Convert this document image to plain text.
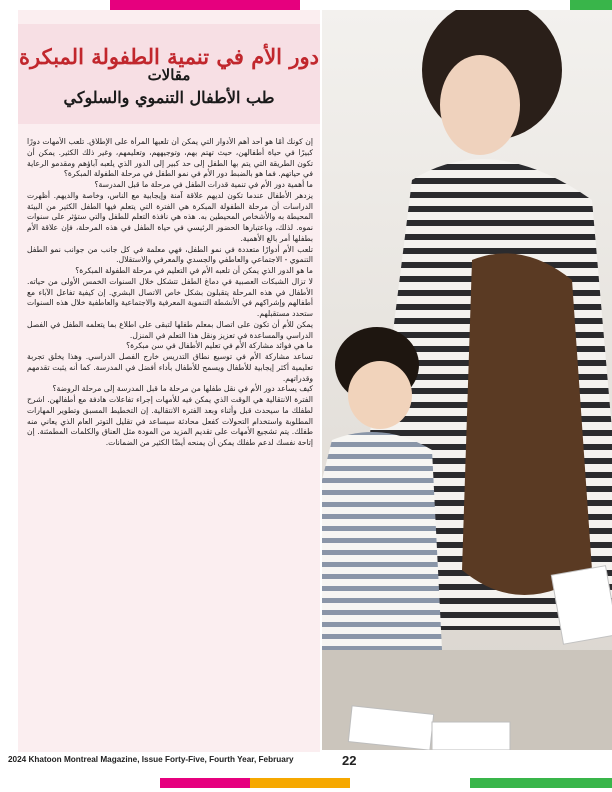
دور الأم في تنمية الطفولة المبكرة
مقالات
طب الأطفال التنموي والسلوكي

إن كونك أمًا هو أحد أهم الأدوار التي يمكن أن تلعبها المرأة على الإطلاق. تلعب الأمهات دورًا كبيرًا في حياة أطفالهن، حيث تهتم بهم، وتوجيههم، وتعليمهم، وغير ذلك الكثير. يمكن أن تكون الطريقة التي يتم بها الطفل إلى حد كبير إلى الدور الذي يلعبه آباؤهم ومقدمو الرعاية في حياتهم. فما هو بالضبط دور الأم في نمو الطفل في مرحلة الطفولة المبكرة؟

ما أهمية دور الأم في تنمية قدرات الطفل في مرحلة ما قبل المدرسة؟

يزدهر الأطفال عندما تكون لديهم علاقة آمنة وإيجابية مع الناس، وخاصة والديهم. أظهرت الدراسات أن مرحلة الطفولة المبكرة هي الفترة التي يتعلم فيها الطفل الكثير من البيئة المحيطة به والأشخاص المحيطين به. هذه هي نافذة التعلم للطفل والتي ستؤثر على سنوات نموه. لذلك، وباعتبارها الحضور الرئيسي في حياة الطفل في هذه المرحلة، فإن علاقة الأم بطفلها أمر بالغ الأهمية.

تلعب الأم أدوارًا متعددة في نمو الطفل، فهي معلمة في كل جانب من جوانب نمو الطفل التنموي - الاجتماعي والعاطفي والجسدي والمعرفي والاستقلال.

ما هو الدور الذي يمكن أن تلعبه الأم في التعليم في مرحلة الطفولة المبكرة؟

لا تزال الشبكات العصبية في دماغ الطفل تتشكل خلال السنوات الخمس الأولى من حياته. الأطفال في هذه المرحلة يتقبلون بشكل خاص الاتصال البشري. إن كيفية تفاعل الآباء مع أطفالهم وإشراكهم في الأنشطة التنموية المعرفية والاجتماعية والعاطفية خلال هذه السنوات ستحدد مستقبلهم.

يمكن للأم أن تكون على اتصال بمعلم طفلها لتبقى على اطلاع بما يتعلمه الطفل في الفصل الدراسي والمساعدة في تعزيز ونقل هذا التعلم في المنزل.

ما هي فوائد مشاركة الأم في تعليم الأطفال في سن مبكرة؟

تساعد مشاركة الأم في توسيع نطاق التدريس خارج الفصل الدراسي. وهذا يخلق تجربة تعليمية أكثر إيجابية للأطفال ويسمح للأطفال بأداء أفضل في المدرسة. كما أنه يثبت تقدمهم وقدراتهم.

كيف يساعد دور الأم في نقل طفلها من مرحلة ما قبل المدرسة إلى مرحلة الروضة؟

الفترة الانتقالية هي الوقت الذي يمكن فيه للأمهات إجراء تفاعلات هادفة مع أطفالهن. اشرح لطفلك ما سيحدث قبل وأثناء وبعد الفترة الانتقالية. إن التخطيط المسبق وتطوير المهارات المطلوبة واستخدام التحولات كفعل محادثة سيساعد في تقليل التوتر العام الذي يعاني منه طفلك. يتم تشجيع الأمهات على تقديم المزيد من المودة مثل العناق والكلمات المطمئنة. إن إتاحة نفسك لدعم طفلك يمكن أن يمنحه أيضًا الكثير من الضمانات.

2024 Khatoon Montreal Magazine, Issue Forty-Five, Fourth Year, February	22
